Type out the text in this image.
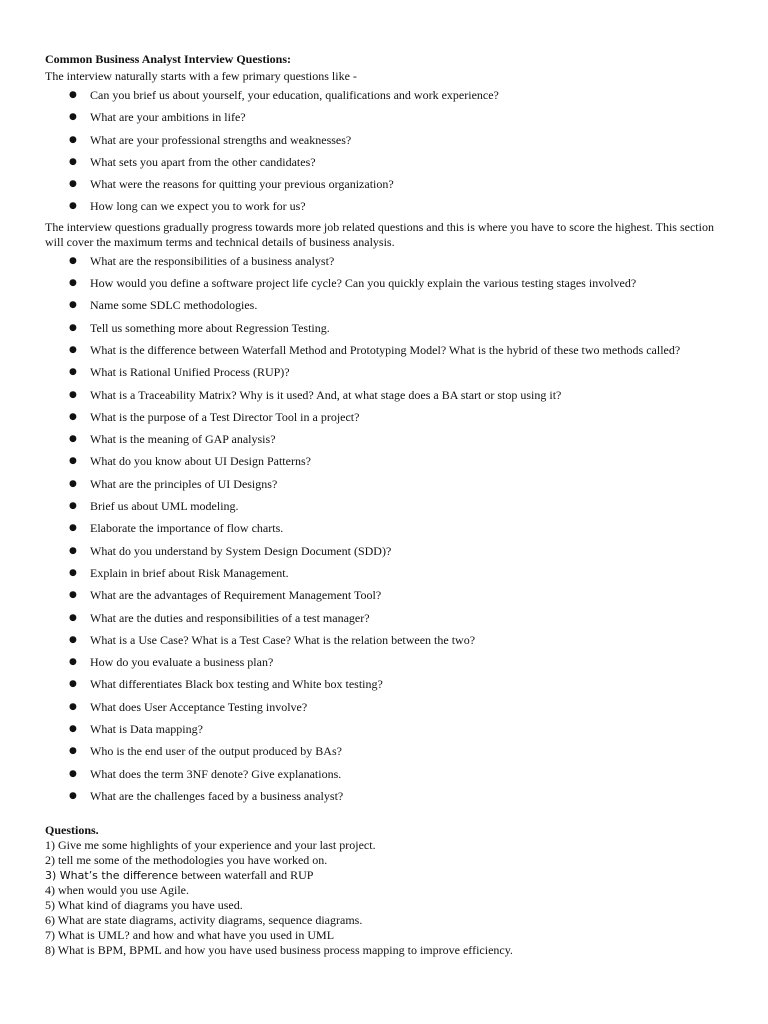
Common Business Analyst Interview Questions:

The interview naturally starts with a few primary questions like -

● Can you brief us about yourself, your education, qualifications and work experience?
● What are your ambitions in life?
● What are your professional strengths and weaknesses?
● What sets you apart from the other candidates?
● What were the reasons for quitting your previous organization?
● How long can we expect you to work for us?

The interview questions gradually progress towards more job related questions and this is where you have to score the highest. This section will cover the maximum terms and technical details of business analysis.

● What are the responsibilities of a business analyst?
● How would you define a software project life cycle? Can you quickly explain the various testing stages involved?
● Name some SDLC methodologies.
● Tell us something more about Regression Testing.
● What is the difference between Waterfall Method and Prototyping Model? What is the hybrid of these two methods called?
● What is Rational Unified Process (RUP)?
● What is a Traceability Matrix? Why is it used? And, at what stage does a BA start or stop using it?
● What is the purpose of a Test Director Tool in a project?
● What is the meaning of GAP analysis?
● What do you know about UI Design Patterns?
● What are the principles of UI Designs?
● Brief us about UML modeling.
● Elaborate the importance of flow charts.
● What do you understand by System Design Document (SDD)?
● Explain in brief about Risk Management.
● What are the advantages of Requirement Management Tool?
● What are the duties and responsibilities of a test manager?
● What is a Use Case? What is a Test Case? What is the relation between the two?
● How do you evaluate a business plan?
● What differentiates Black box testing and White box testing?
● What does User Acceptance Testing involve?
● What is Data mapping?
● Who is the end user of the output produced by BAs?
● What does the term 3NF denote? Give explanations.
● What are the challenges faced by a business analyst?
Questions.
1) Give me some highlights of your experience and your last project.
2) tell me some of the methodologies you have worked on.
3) What’s the difference between waterfall and RUP
4) when would you use Agile.
5) What kind of diagrams you have used.
6) What are state diagrams, activity diagrams, sequence diagrams.
7) What is UML? and how and what have you used in UML
8) What is BPM, BPML and how you have used business process mapping to improve efficiency.
